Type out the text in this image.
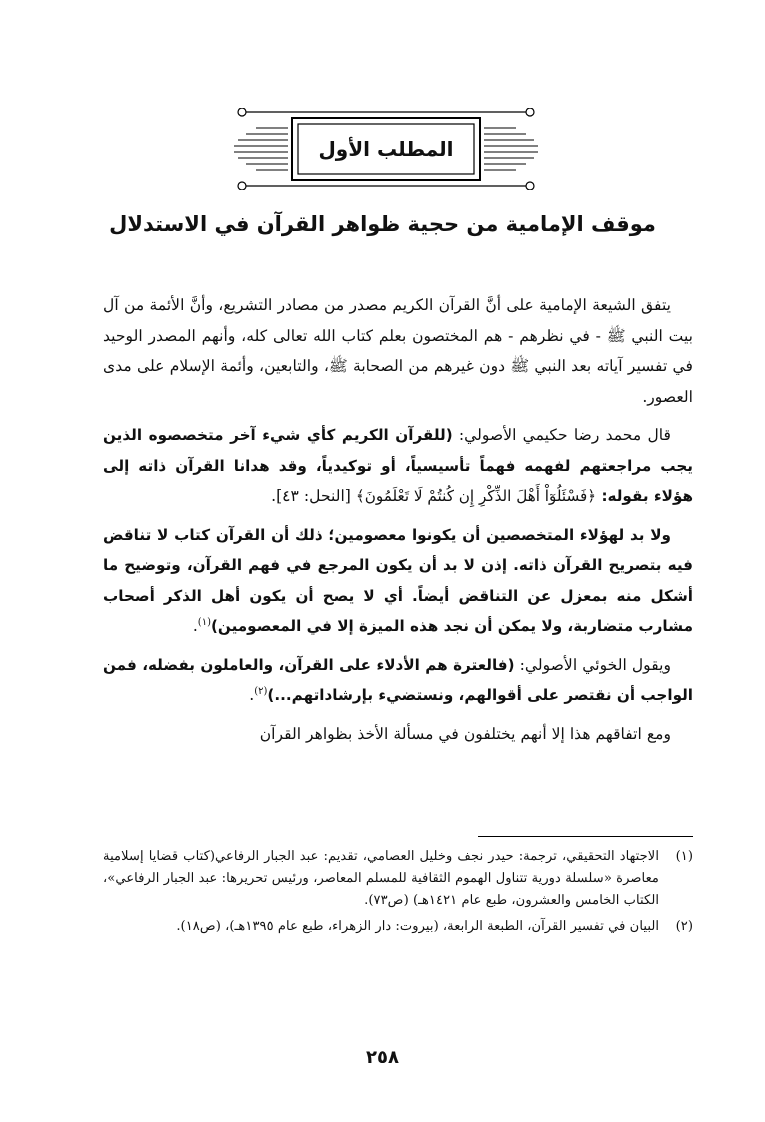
المطلب الأول
موقف الإمامية من حجية ظواهر القرآن في الاستدلال

يتفق الشيعة الإمامية على أنَّ القرآن الكريم مصدر من مصادر التشريع، وأنَّ الأئمة من آل بيت النبي ﷺ - في نظرهم - هم المختصون بعلم كتاب الله تعالى كله، وأنهم المصدر الوحيد في تفسير آياته بعد النبي ﷺ دون غيرهم من الصحابة ﷺ، والتابعين، وأئمة الإسلام على مدى العصور.

قال محمد رضا حكيمي الأصولي: (للقرآن الكريم كأي شيء آخر متخصصوه الذين يجب مراجعتهم لفهمه فهماً تأسيسياً، أو توكيدياً، وقد هدانا القرآن ذاته إلى هؤلاء بقوله: ﴿فَسْئَلُوٓاْ أَهْلَ الذِّكْرِ إِن كُنتُمْ لَا تَعْلَمُونَ﴾ [النحل: ٤٣].

ولا بد لهؤلاء المتخصصين أن يكونوا معصومين؛ ذلك أن القرآن كتاب لا تناقض فيه بتصريح القرآن ذاته. إذن لا بد أن يكون المرجع في فهم القرآن، وتوضيح ما أشكل منه بمعزل عن التناقض أيضاً. أي لا يصح أن يكون أهل الذكر أصحاب مشارب متضاربة، ولا يمكن أن نجد هذه الميزة إلا في المعصومين)$^{(١)}$.

ويقول الخوئي الأصولي: (فالعترة هم الأدلاء على القرآن، والعاملون بفضله، فمن الواجب أن نقتصر على أقوالهم، ونستضيء بإرشاداتهم...)$^{(٢)}$.

ومع اتفاقهم هذا إلا أنهم يختلفون في مسألة الأخذ بظواهر القرآن

(١)
الاجتهاد التحقيقي، ترجمة: حيدر نجف وخليل العصامي، تقديم: عبد الجبار الرفاعي(كتاب قضايا إسلامية معاصرة «سلسلة دورية تتناول الهموم الثقافية للمسلم المعاصر، ورئيس تحريرها: عبد الجبار الرفاعي»، الكتاب الخامس والعشرون، طبع عام ١٤٢١هـ) (ص٧٣).
(٢)
البيان في تفسير القرآن، الطبعة الرابعة، (بيروت: دار الزهراء، طبع عام ١٣٩٥هـ)، (ص١٨).
٢٥٨
